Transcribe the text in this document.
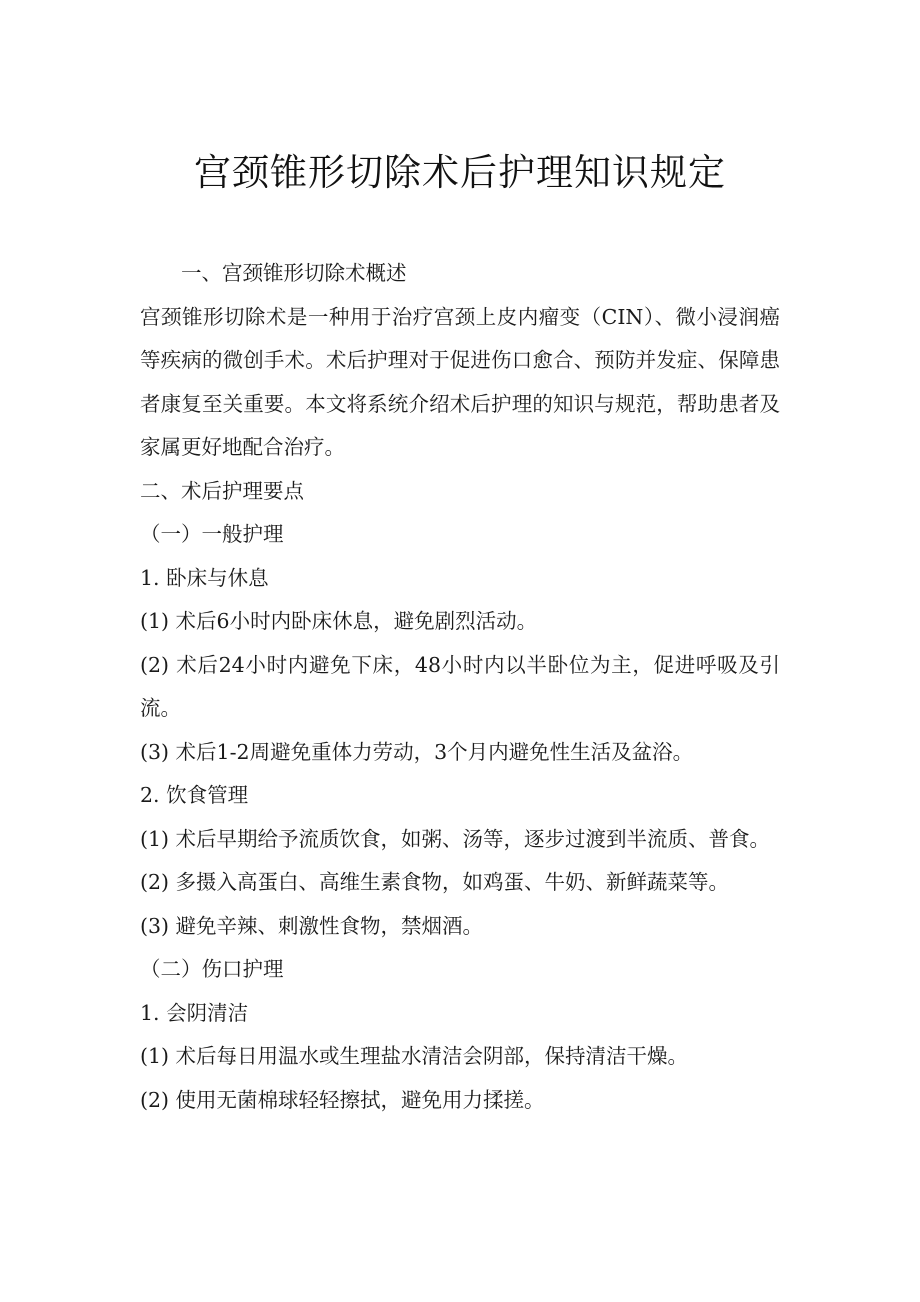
宫颈锥形切除术后护理知识规定

一、宫颈锥形切除术概述

宫颈锥形切除术是一种用于治疗宫颈上皮内瘤变（CIN）、微小浸润癌等疾病的微创手术。术后护理对于促进伤口愈合、预防并发症、保障患者康复至关重要。本文将系统介绍术后护理的知识与规范，帮助患者及家属更好地配合治疗。

二、术后护理要点

（一）一般护理

1. 卧床与休息

(1) 术后6小时内卧床休息，避免剧烈活动。

(2) 术后24小时内避免下床，48小时内以半卧位为主，促进呼吸及引流。

(3) 术后1-2周避免重体力劳动，3个月内避免性生活及盆浴。

2. 饮食管理

(1) 术后早期给予流质饮食，如粥、汤等，逐步过渡到半流质、普食。

(2) 多摄入高蛋白、高维生素食物，如鸡蛋、牛奶、新鲜蔬菜等。

(3) 避免辛辣、刺激性食物，禁烟酒。

（二）伤口护理

1. 会阴清洁

(1) 术后每日用温水或生理盐水清洁会阴部，保持清洁干燥。

(2) 使用无菌棉球轻轻擦拭，避免用力揉搓。
